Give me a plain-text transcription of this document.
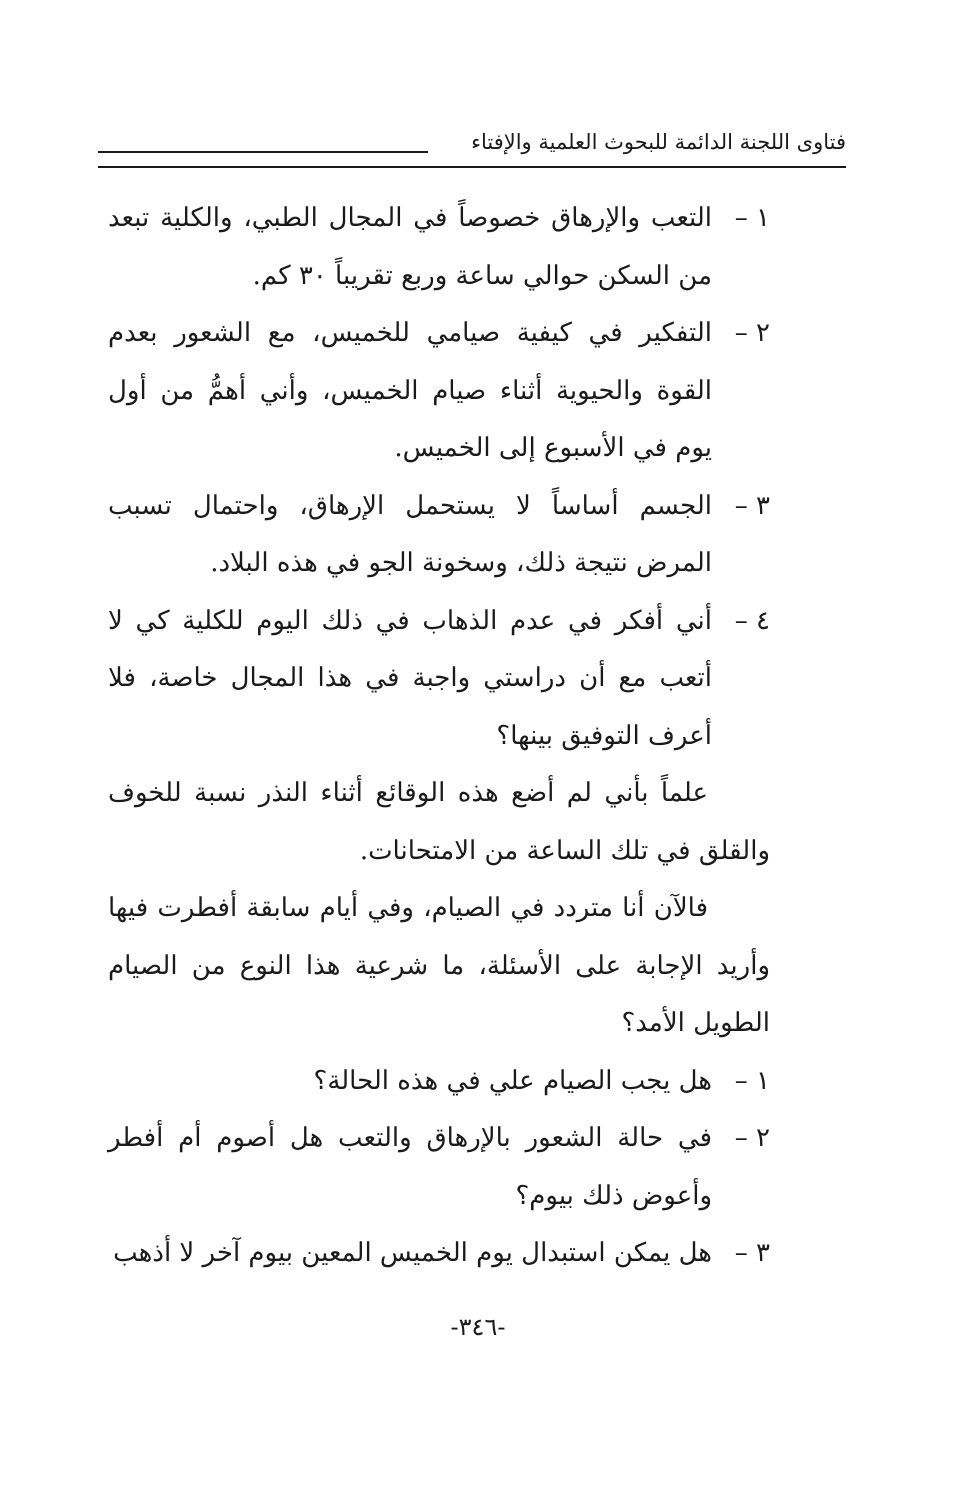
فتاوى اللجنة الدائمة للبحوث العلمية والإفتاء
١ –
التعب والإرهاق خصوصاً في المجال الطبي، والكلية تبعد من السكن حوالي ساعة وربع تقريباً ٣٠ كم.
٢ –
التفكير في كيفية صيامي للخميس، مع الشعور بعدم القوة والحيوية أثناء صيام الخميس، وأني أهمُّ من أول يوم في الأسبوع إلى الخميس.
٣ –
الجسم أساساً لا يستحمل الإرهاق، واحتمال تسبب المرض نتيجة ذلك، وسخونة الجو في هذه البلاد.
٤ –
أني أفكر في عدم الذهاب في ذلك اليوم للكلية كي لا أتعب مع أن دراستي واجبة في هذا المجال خاصة، فلا أعرف التوفيق بينها؟
علماً بأني لم أضع هذه الوقائع أثناء النذر نسبة للخوف والقلق في تلك الساعة من الامتحانات.
فالآن أنا متردد في الصيام، وفي أيام سابقة أفطرت فيها وأريد الإجابة على الأسئلة، ما شرعية هذا النوع من الصيام الطويل الأمد؟
١ –
هل يجب الصيام علي في هذه الحالة؟
٢ –
في حالة الشعور بالإرهاق والتعب هل أصوم أم أفطر وأعوض ذلك بيوم؟
٣ –
هل يمكن استبدال يوم الخميس المعين بيوم آخر لا أذهب
-٣٤٦-
